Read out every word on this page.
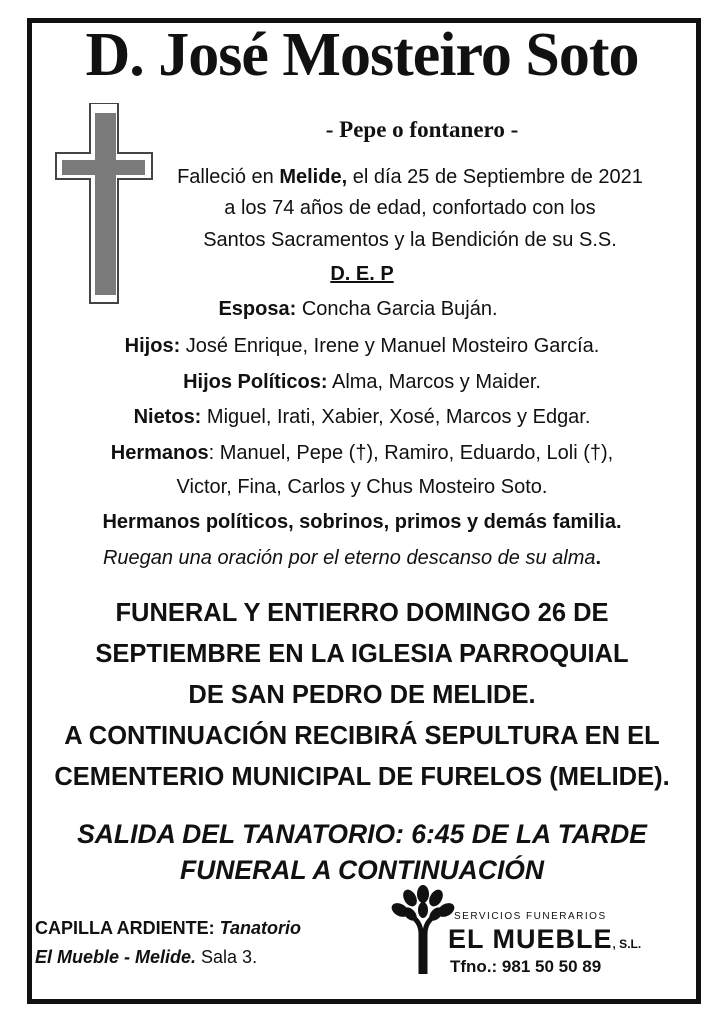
D. José Mosteiro Soto
- Pepe o fontanero -
Falleció en Melide, el día 25 de Septiembre de 2021
a los 74 años de edad, confortado con los
Santos Sacramentos y la Bendición de su S.S.
D. E. P
Esposa: Concha Garcia Buján.
Hijos: José Enrique, Irene y Manuel Mosteiro García.
Hijos Políticos: Alma, Marcos y Maider.
Nietos: Miguel, Irati, Xabier, Xosé, Marcos y Edgar.
Hermanos: Manuel, Pepe (†), Ramiro, Eduardo, Loli (†),
Victor, Fina, Carlos y Chus Mosteiro Soto.
Hermanos políticos, sobrinos, primos y demás familia.
Ruegan una oración por el eterno descanso de su alma.
FUNERAL Y ENTIERRO DOMINGO 26 DE
SEPTIEMBRE EN LA IGLESIA PARROQUIAL
DE SAN PEDRO DE MELIDE.
A CONTINUACIÓN RECIBIRÁ SEPULTURA EN EL
CEMENTERIO MUNICIPAL DE FURELOS (MELIDE).
SALIDA DEL TANATORIO: 6:45 DE LA TARDE
FUNERAL A CONTINUACIÓN
CAPILLA ARDIENTE: Tanatorio
El Mueble - Melide. Sala 3.
SERVICIOS FUNERARIOS
EL MUEBLE, S.L.
Tfno.: 981 50 50 89
